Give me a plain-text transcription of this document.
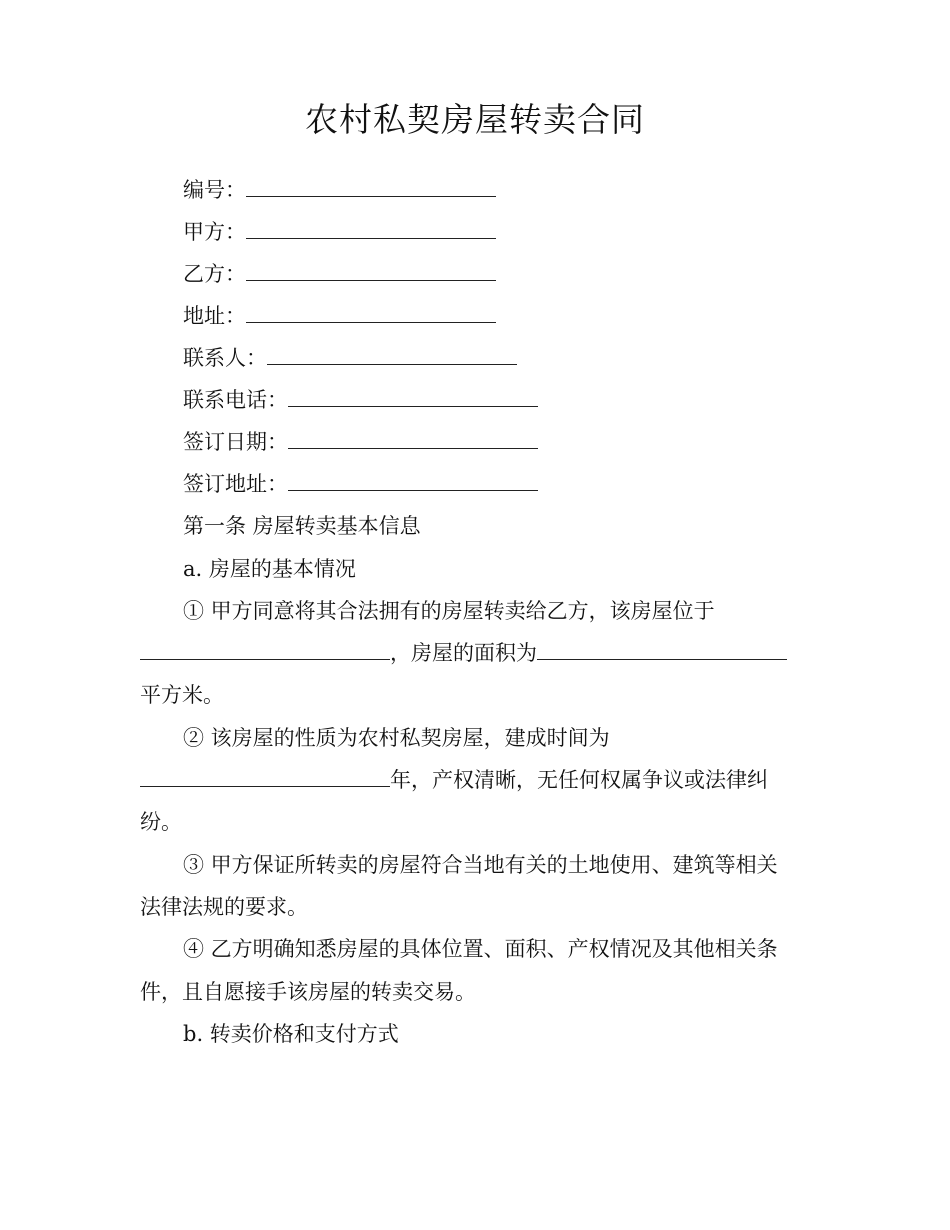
农村私契房屋转卖合同
编号：
甲方：
乙方：
地址：
联系人：
联系电话：
签订日期：
签订地址：
第一条 房屋转卖基本信息
a. 房屋的基本情况
① 甲方同意将其合法拥有的房屋转卖给乙方，该房屋位于
，房屋的面积为
平方米。
② 该房屋的性质为农村私契房屋，建成时间为
年，产权清晰，无任何权属争议或法律纠
纷。
③ 甲方保证所转卖的房屋符合当地有关的土地使用、建筑等相关
法律法规的要求。
④ 乙方明确知悉房屋的具体位置、面积、产权情况及其他相关条
件，且自愿接手该房屋的转卖交易。
b. 转卖价格和支付方式
